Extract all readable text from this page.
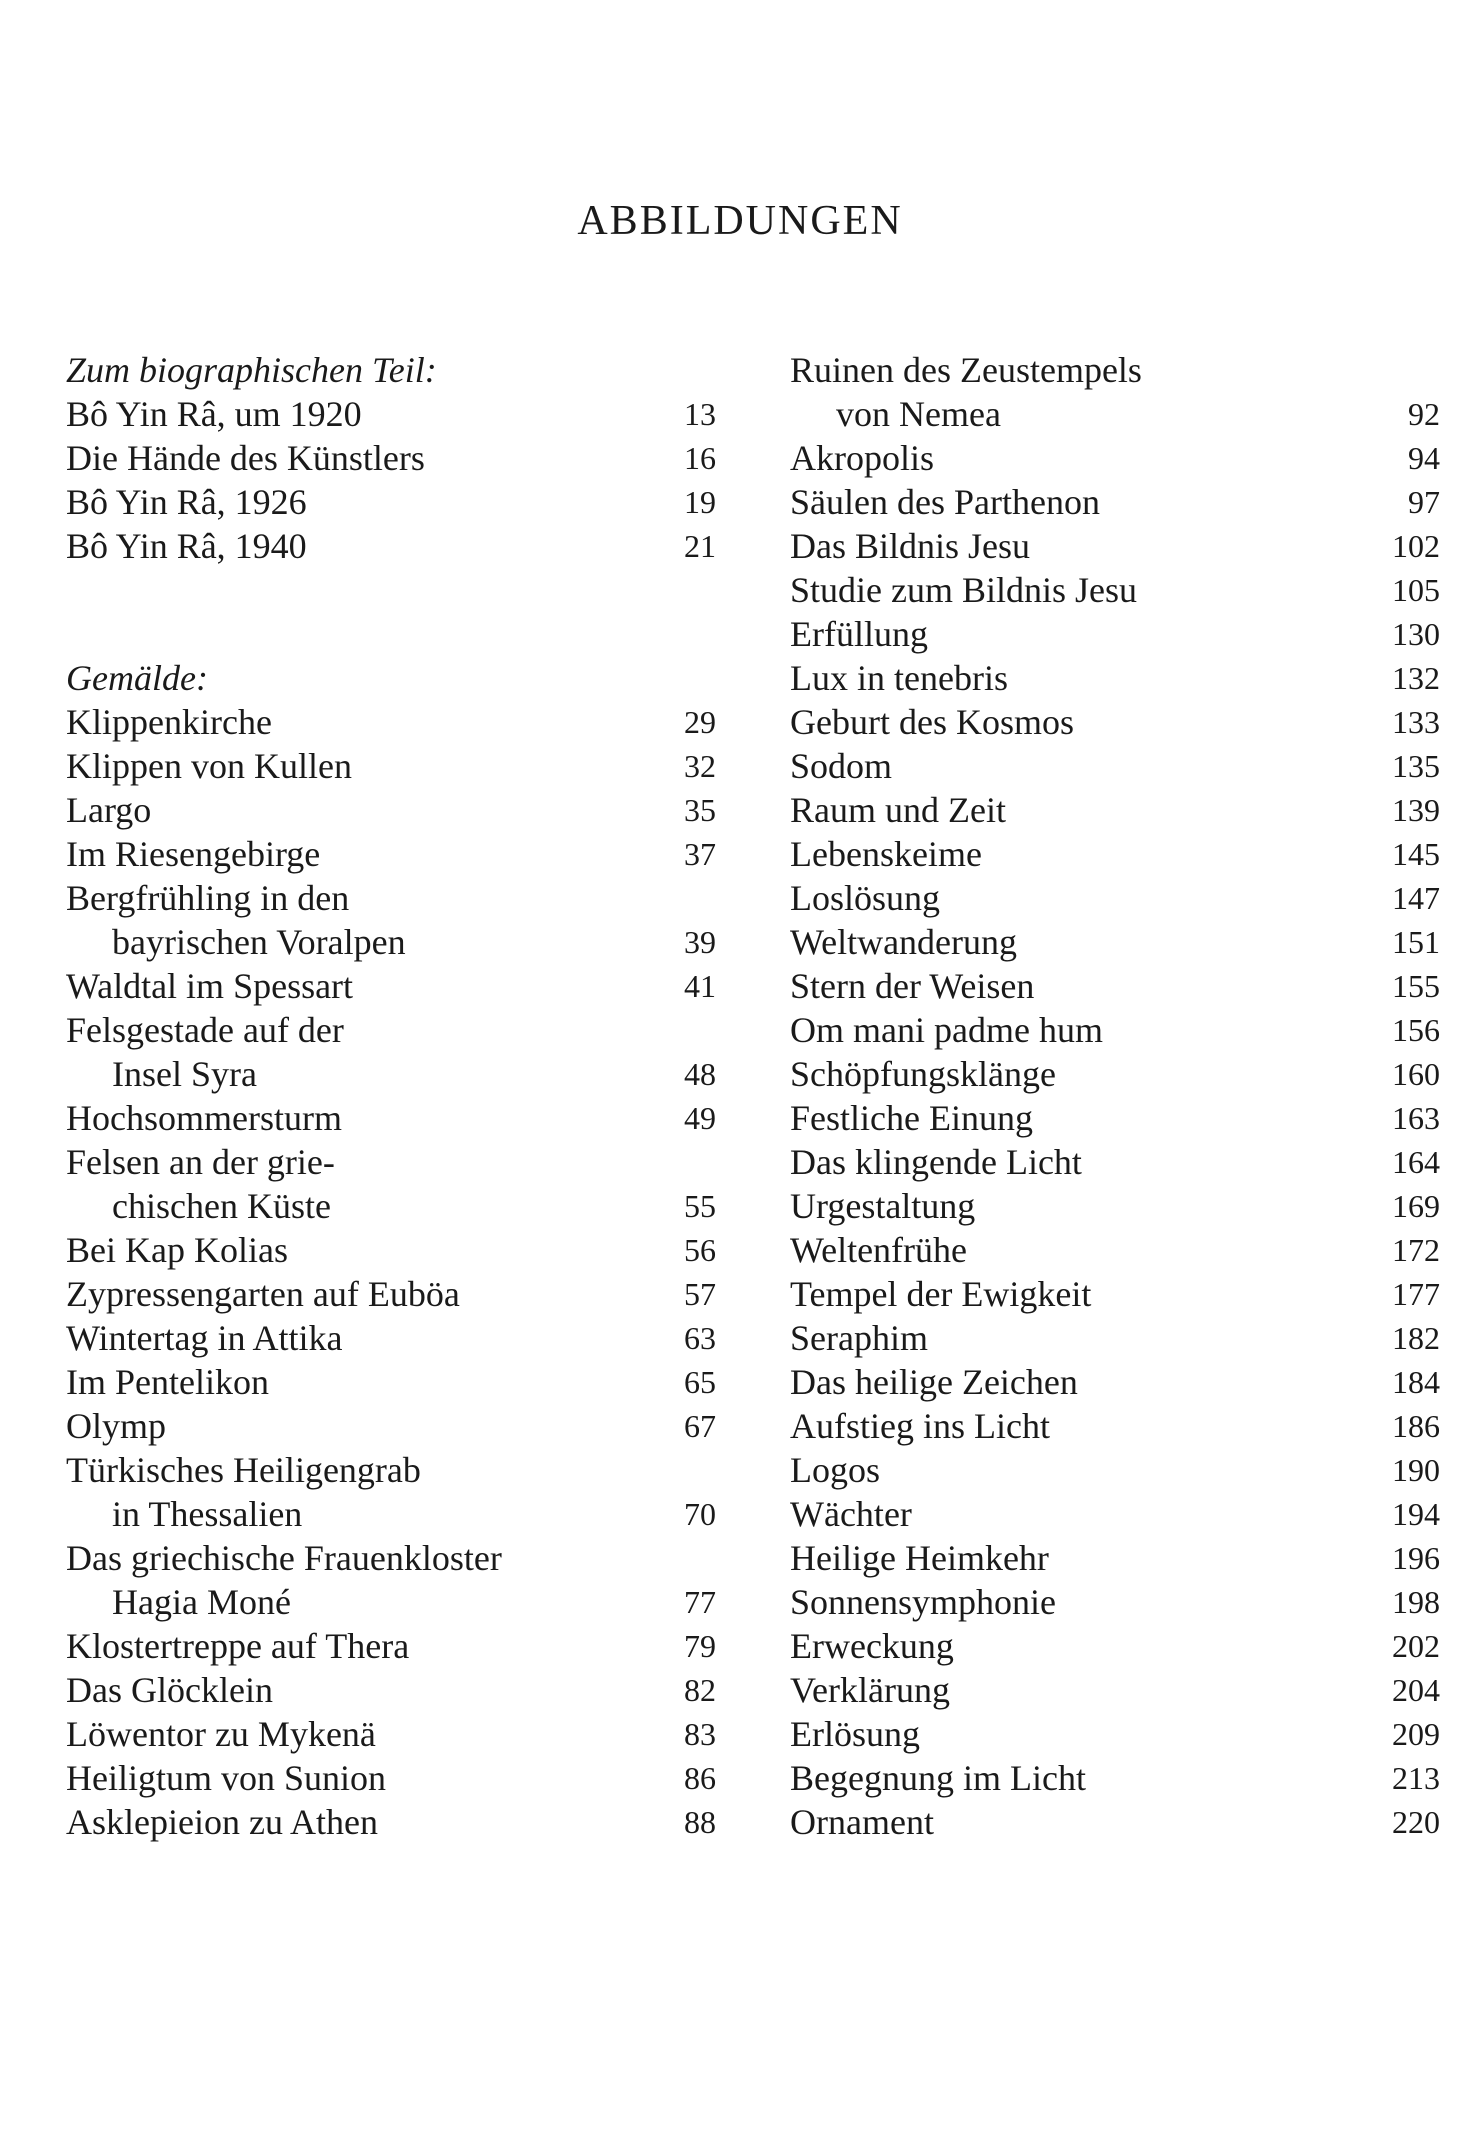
ABBILDUNGEN
Zum biographischen Teil:
Bô Yin Râ, um 1920	13
Die Hände des Künstlers	16
Bô Yin Râ, 1926	19
Bô Yin Râ, 1940	21
Gemälde:
Klippenkirche	29
Klippen von Kullen	32
Largo	35
Im Riesengebirge	37
Bergfrühling in den
bayrischen Voralpen	39
Waldtal im Spessart	41
Felsgestade auf der
Insel Syra	48
Hochsommersturm	49
Felsen an der grie-
chischen Küste	55
Bei Kap Kolias	56
Zypressengarten auf Euböa	57
Wintertag in Attika	63
Im Pentelikon	65
Olymp	67
Türkisches Heiligengrab
in Thessalien	70
Das griechische Frauenkloster
Hagia Moné	77
Klostertreppe auf Thera	79
Das Glöcklein	82
Löwentor zu Mykenä	83
Heiligtum von Sunion	86
Asklepieion zu Athen	88
Ruinen des Zeustempels
von Nemea	92
Akropolis	94
Säulen des Parthenon	97
Das Bildnis Jesu	102
Studie zum Bildnis Jesu	105
Erfüllung	130
Lux in tenebris	132
Geburt des Kosmos	133
Sodom	135
Raum und Zeit	139
Lebenskeime	145
Loslösung	147
Weltwanderung	151
Stern der Weisen	155
Om mani padme hum	156
Schöpfungsklänge	160
Festliche Einung	163
Das klingende Licht	164
Urgestaltung	169
Weltenfrühe	172
Tempel der Ewigkeit	177
Seraphim	182
Das heilige Zeichen	184
Aufstieg ins Licht	186
Logos	190
Wächter	194
Heilige Heimkehr	196
Sonnensymphonie	198
Erweckung	202
Verklärung	204
Erlösung	209
Begegnung im Licht	213
Ornament	220
